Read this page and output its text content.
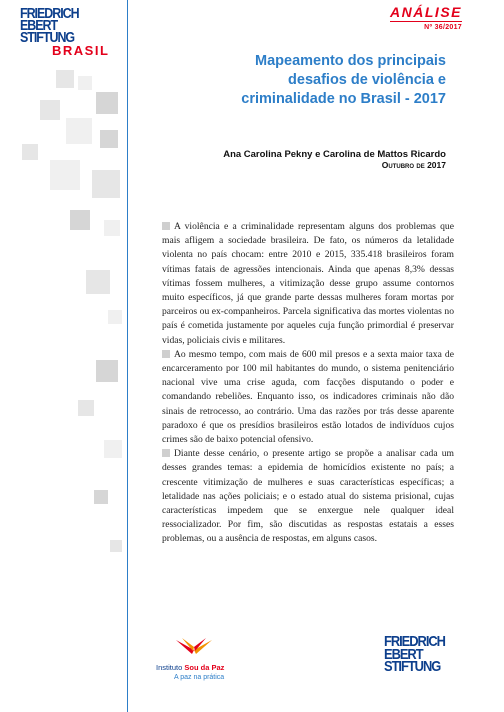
FRIEDRICH
EBERT
STIFTUNG
BRASIL
ANÁLISE
Nº 36/2017
Mapeamento dos principais
desafios de violência e
criminalidade no Brasil - 2017
Ana Carolina Pekny e Carolina de Mattos Ricardo
Outubro de 2017

A violência e a criminalidade representam alguns dos problemas que mais afligem a sociedade brasileira. De fato, os números da letalidade violenta no país chocam: entre 2010 e 2015, 335.418 brasileiros foram vítimas fatais de agressões intencionais. Ainda que apenas 8,3% dessas vítimas fossem mulheres, a vitimização desse grupo assume contornos muito específicos, já que grande parte dessas mulheres foram mortas por parceiros ou ex-companheiros. Parcela significativa das mortes violentas no país é cometida justamente por aqueles cuja função primordial é preservar vidas, policiais civis e militares.

Ao mesmo tempo, com mais de 600 mil presos e a sexta maior taxa de encarceramento por 100 mil habitantes do mundo, o sistema penitenciário nacional vive uma crise aguda, com facções disputando o poder e comandando rebeliões. Enquanto isso, os indicadores criminais não dão sinais de retrocesso, ao contrário. Uma das razões por trás desse aparente paradoxo é que os presídios brasileiros estão lotados de indivíduos cujos crimes são de baixo potencial ofensivo.

Diante desse cenário, o presente artigo se propõe a analisar cada um desses grandes temas: a epidemia de homicídios existente no país; a crescente vitimização de mulheres e suas características específicas; a letalidade nas ações policiais; e o estado atual do sistema prisional, cujas características impedem que se enxergue nele qualquer ideal ressocializador. Por fim, são discutidas as respostas estatais a esses problemas, ou a ausência de respostas, em alguns casos.

Instituto Sou da Paz
A paz na prática
FRIEDRICH
EBERT
STIFTUNG
